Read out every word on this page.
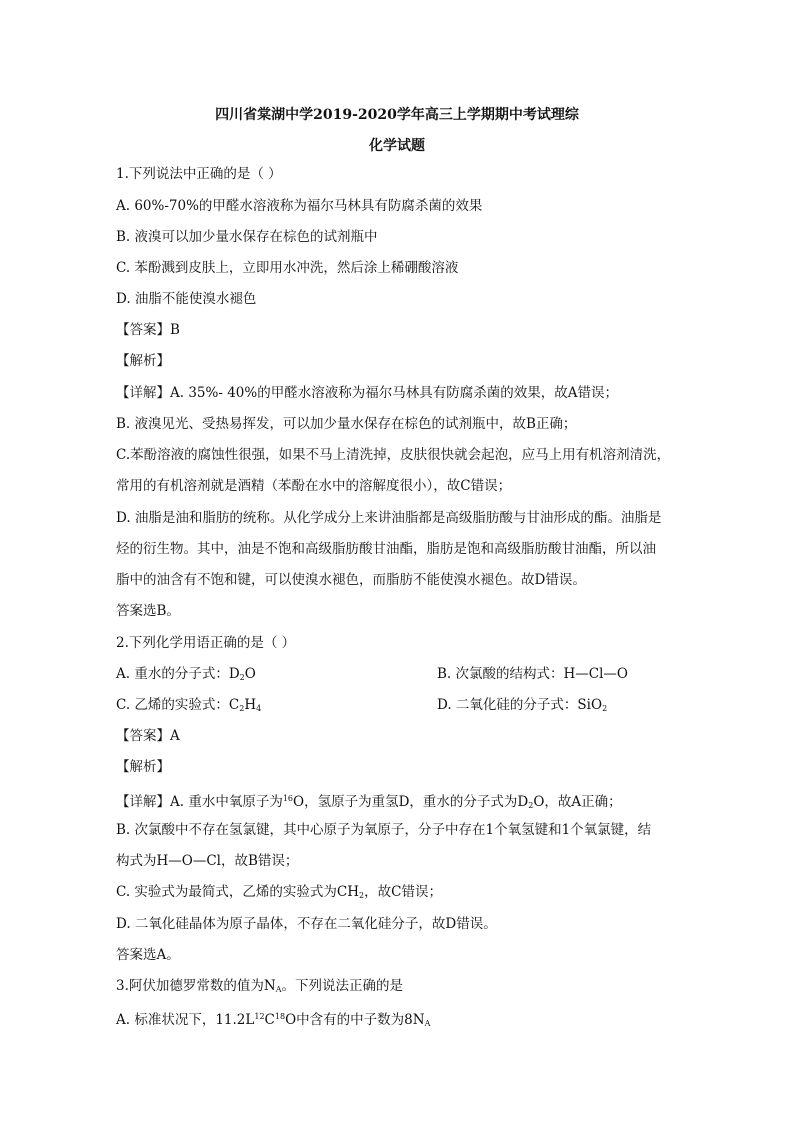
四川省棠湖中学2019-2020学年高三上学期期中考试理综
化学试题
1.下列说法中正确的是（ ）
A. 60%-70%的甲醛水溶液称为福尔马林具有防腐杀菌的效果
B. 液溴可以加少量水保存在棕色的试剂瓶中
C. 苯酚溅到皮肤上，立即用水冲洗，然后涂上稀硼酸溶液
D. 油脂不能使溴水褪色
【答案】B
【解析】
【详解】A. 35%- 40%的甲醛水溶液称为福尔马林具有防腐杀菌的效果，故A错误；
B. 液溴见光、受热易挥发，可以加少量水保存在棕色的试剂瓶中，故B正确；
C.苯酚溶液的腐蚀性很强，如果不马上清洗掉，皮肤很快就会起泡，应马上用有机溶剂清洗，
常用的有机溶剂就是酒精（苯酚在水中的溶解度很小），故C错误；
D. 油脂是油和脂肪的统称。从化学成分上来讲油脂都是高级脂肪酸与甘油形成的酯。油脂是
烃的衍生物。其中，油是不饱和高级脂肪酸甘油酯，脂肪是饱和高级脂肪酸甘油酯，所以油
脂中的油含有不饱和键，可以使溴水褪色，而脂肪不能使溴水褪色。故D错误。
答案选B。
2.下列化学用语正确的是（ ）
A. 重水的分子式：$D_2O$	B. 次氯酸的结构式：H—Cl—O
C. 乙烯的实验式：$C_2H_4$	D. 二氧化硅的分子式：SiO$_2$
【答案】A
【解析】
【详解】A. 重水中氧原子为$^{16}$O，氢原子为重氢D，重水的分子式为$D_2O$，故A正确；
B. 次氯酸中不存在氢氯键，其中心原子为氧原子，分子中存在1个氧氢键和1个氧氯键，结
构式为H—O—Cl，故B错误；
C. 实验式为最简式，乙烯的实验式为$CH_2$，故C错误；
D. 二氧化硅晶体为原子晶体，不存在二氧化硅分子，故D错误。
答案选A。
3.阿伏加德罗常数的值为$N_A$。下列说法正确的是
A. 标准状况下，$11.2L^{12}C^{18}O$中含有的中子数为$8N_A$
